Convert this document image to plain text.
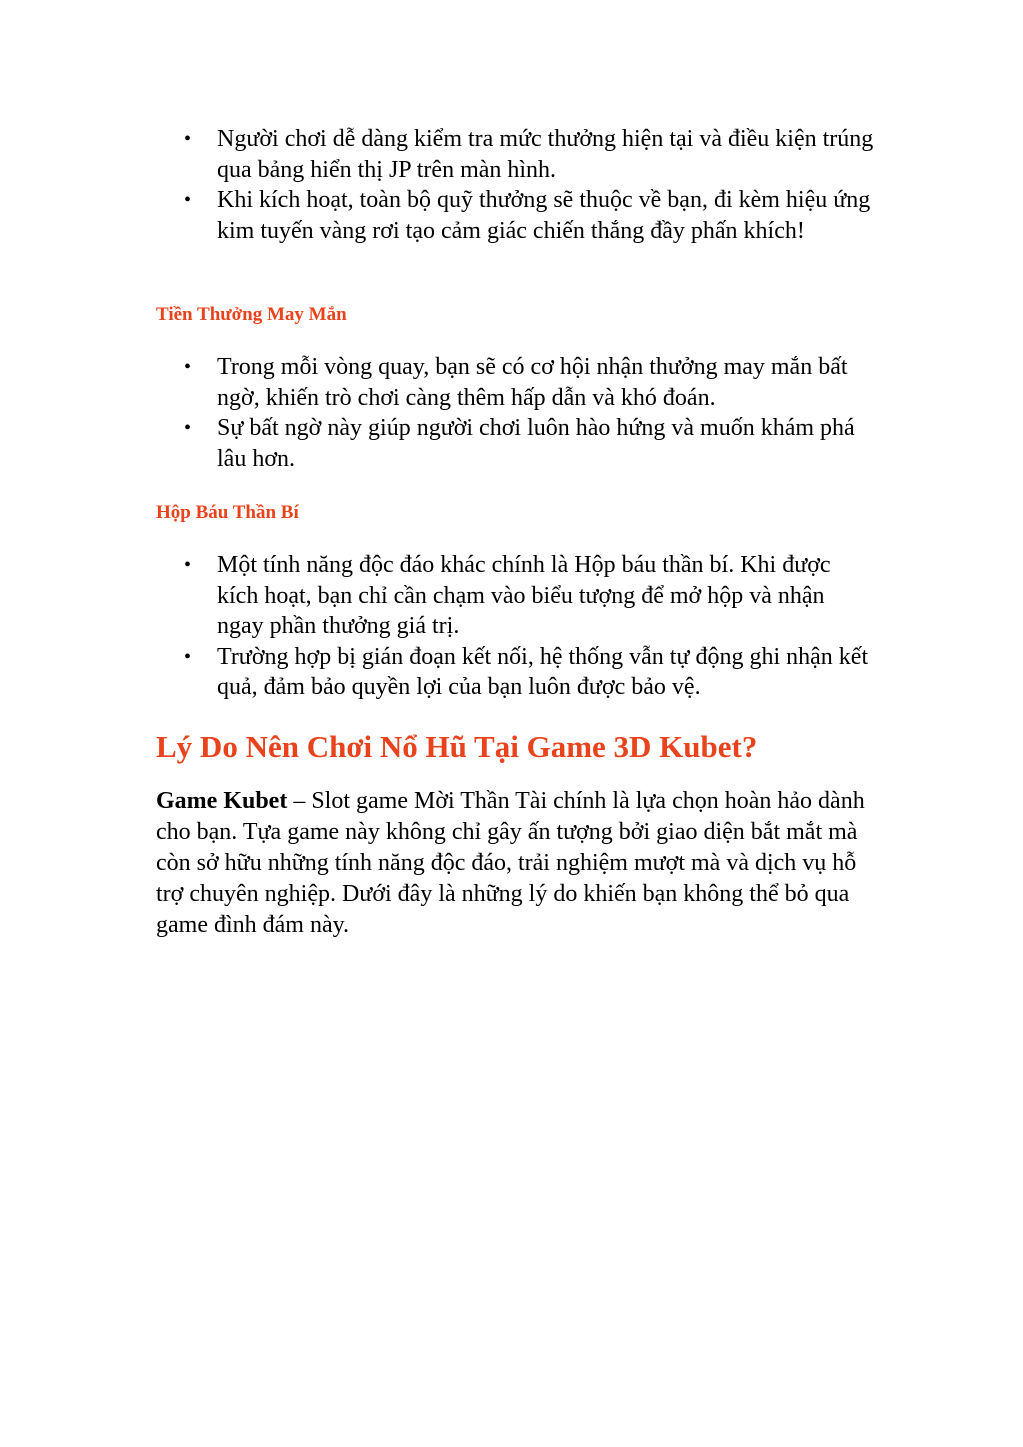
• Người chơi dễ dàng kiểm tra mức thưởng hiện tại và điều kiện trúng qua bảng hiển thị JP trên màn hình.
• Khi kích hoạt, toàn bộ quỹ thưởng sẽ thuộc về bạn, đi kèm hiệu ứng kim tuyến vàng rơi tạo cảm giác chiến thắng đầy phấn khích!
Tiền Thưởng May Mắn
• Trong mỗi vòng quay, bạn sẽ có cơ hội nhận thưởng may mắn bất ngờ, khiến trò chơi càng thêm hấp dẫn và khó đoán.
• Sự bất ngờ này giúp người chơi luôn hào hứng và muốn khám phá lâu hơn.
Hộp Báu Thần Bí
• Một tính năng độc đáo khác chính là Hộp báu thần bí. Khi được kích hoạt, bạn chỉ cần chạm vào biểu tượng để mở hộp và nhận ngay phần thưởng giá trị.
• Trường hợp bị gián đoạn kết nối, hệ thống vẫn tự động ghi nhận kết quả, đảm bảo quyền lợi của bạn luôn được bảo vệ.
Lý Do Nên Chơi Nổ Hũ Tại Game 3D Kubet?

Game Kubet – Slot game Mời Thần Tài chính là lựa chọn hoàn hảo dành cho bạn. Tựa game này không chỉ gây ấn tượng bởi giao diện bắt mắt mà còn sở hữu những tính năng độc đáo, trải nghiệm mượt mà và dịch vụ hỗ trợ chuyên nghiệp. Dưới đây là những lý do khiến bạn không thể bỏ qua game đình đám này.
